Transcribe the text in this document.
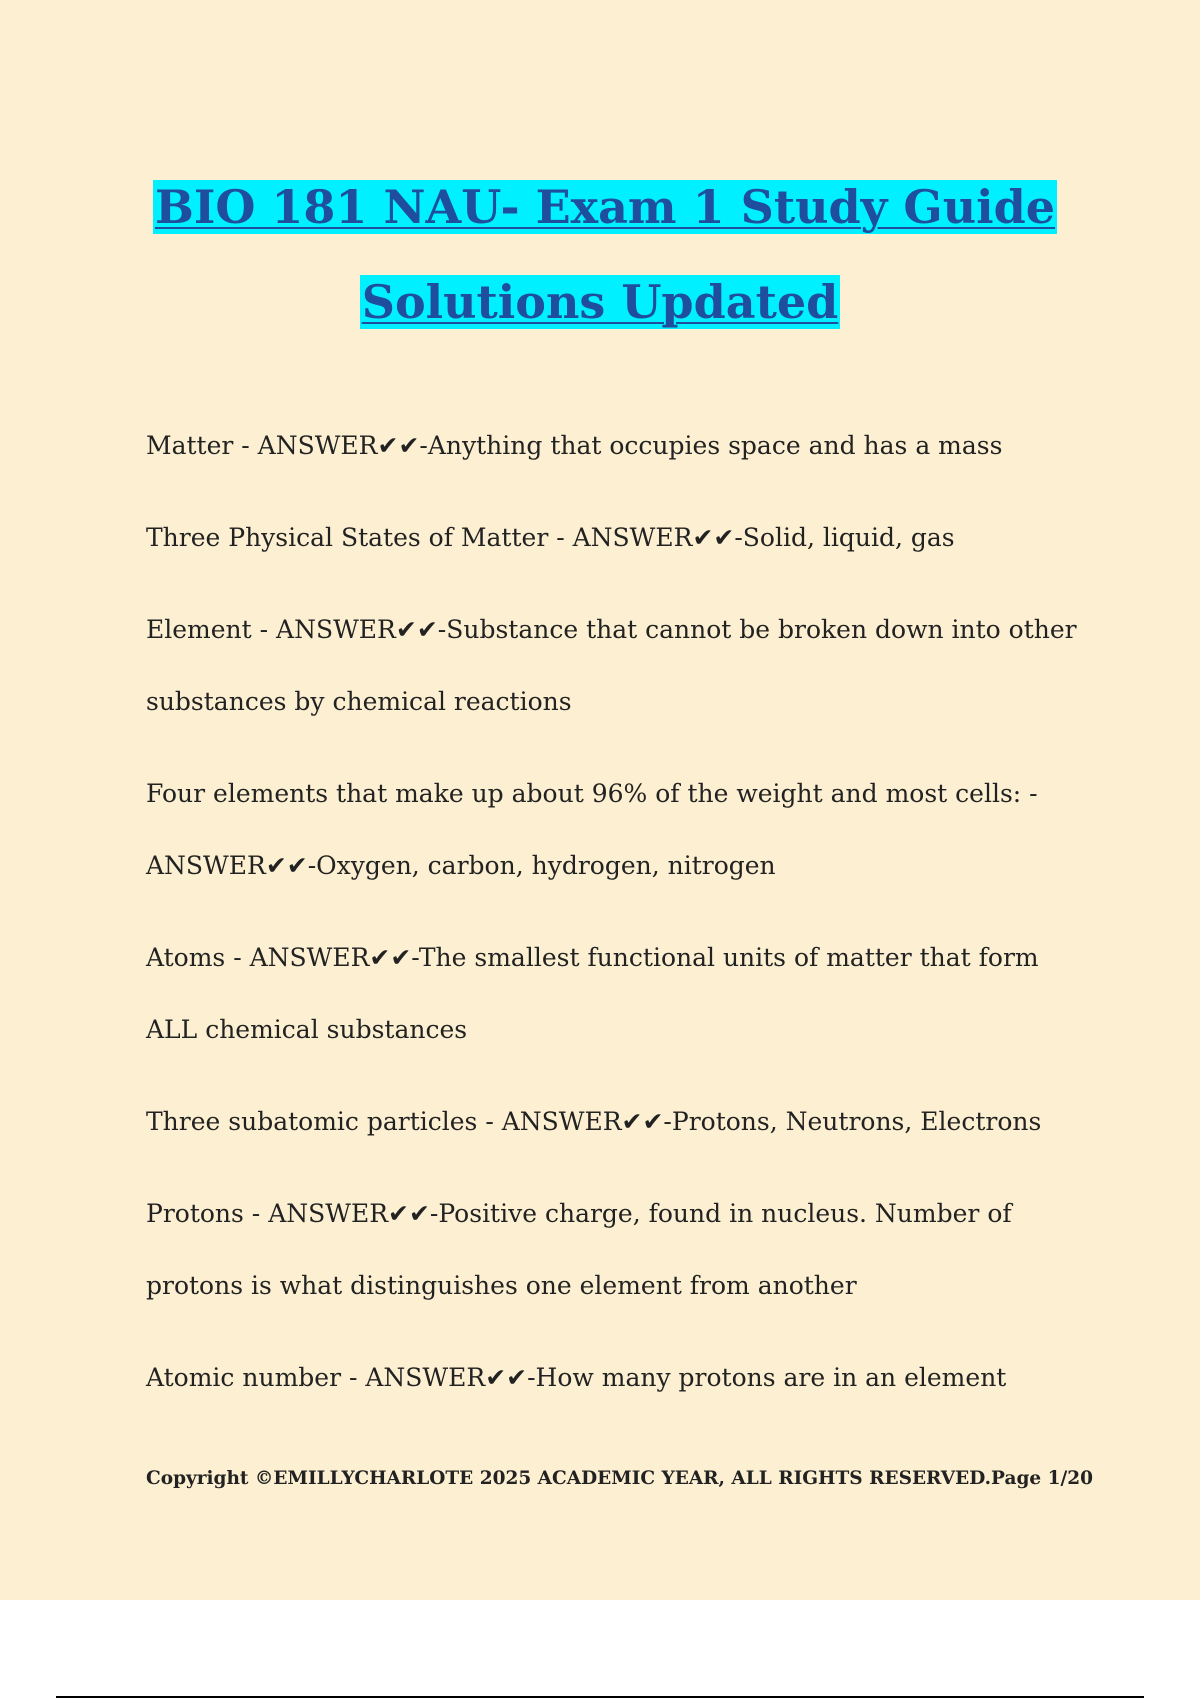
BIO 181 NAU- Exam 1 Study Guide
Solutions Updated
Matter - ANSWER✔✔-Anything that occupies space and has a mass
Three Physical States of Matter - ANSWER✔✔-Solid, liquid, gas
Element - ANSWER✔✔-Substance that cannot be broken down into other substances by chemical reactions
Four elements that make up about 96% of the weight and most cells: - ANSWER✔✔-Oxygen, carbon, hydrogen, nitrogen
Atoms - ANSWER✔✔-The smallest functional units of matter that form ALL chemical substances
Three subatomic particles - ANSWER✔✔-Protons, Neutrons, Electrons
Protons - ANSWER✔✔-Positive charge, found in nucleus. Number of protons is what distinguishes one element from another
Atomic number - ANSWER✔✔-How many protons are in an element
Copyright ©EMILLYCHARLOTE 2025 ACADEMIC YEAR, ALL RIGHTS RESERVED. Page 1/20
